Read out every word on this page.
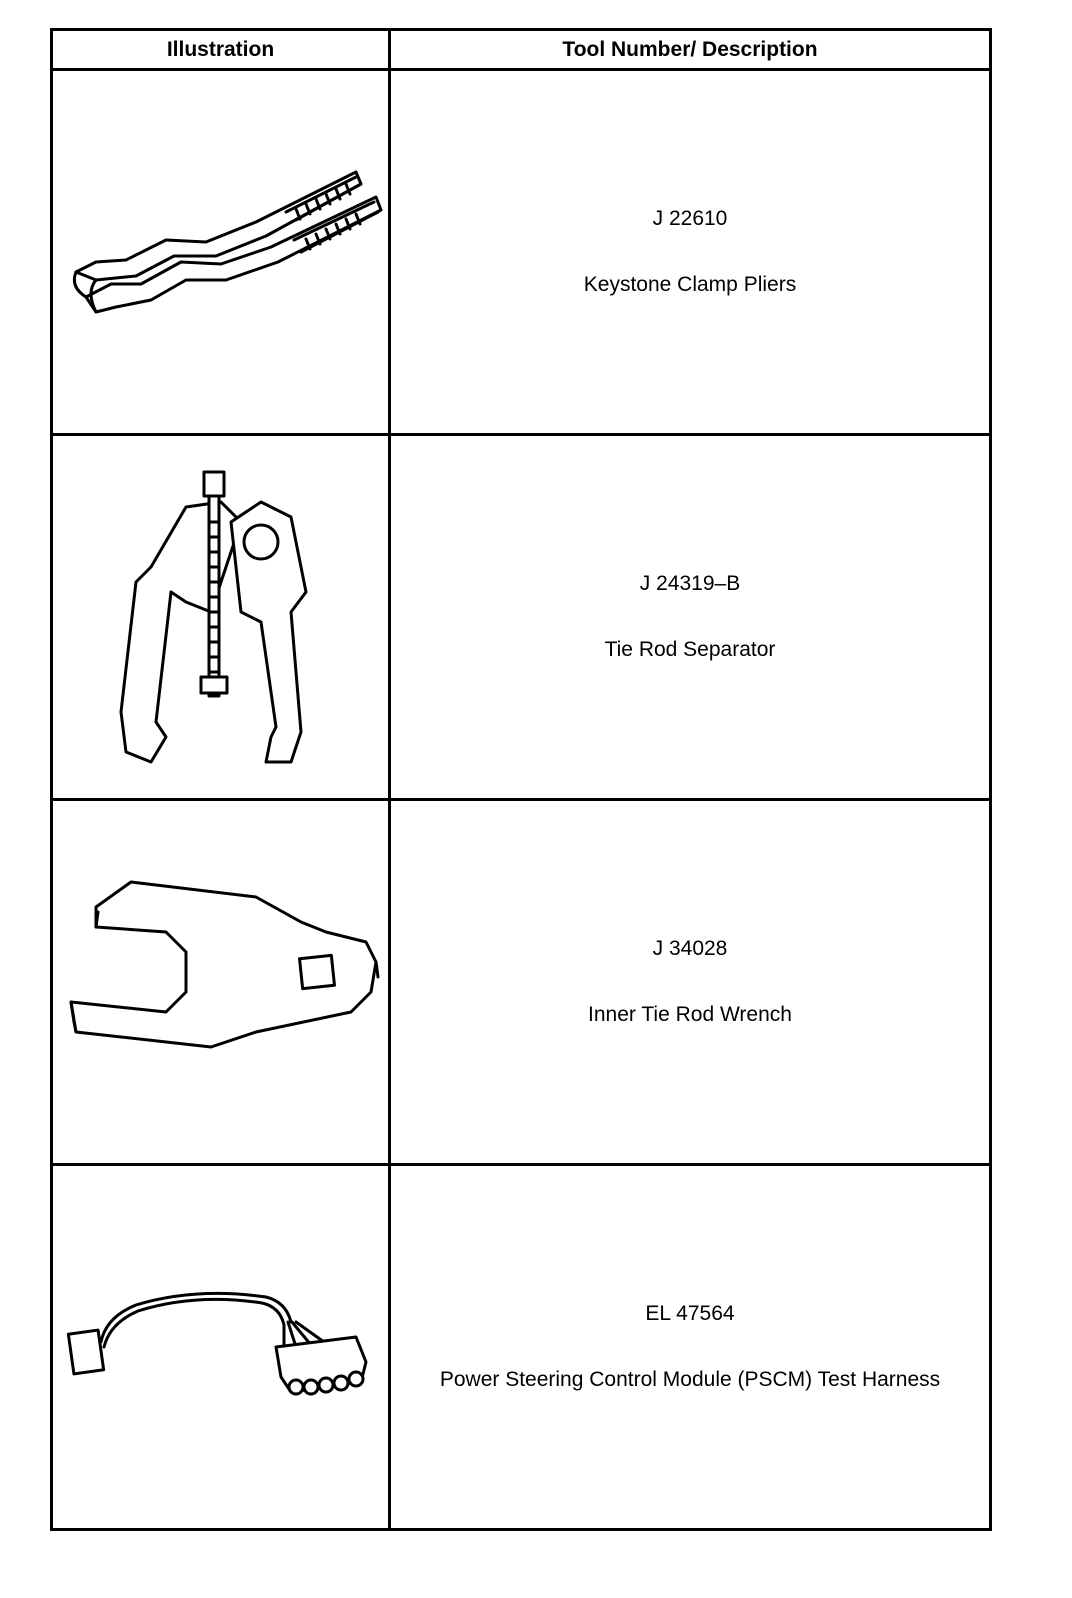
Illustration	Tool Number/ Description

J 22610
Keystone Clamp Pliers

J 24319–B
Tie Rod Separator

J 34028
Inner Tie Rod Wrench

EL 47564
Power Steering Control Module (PSCM) Test Harness
